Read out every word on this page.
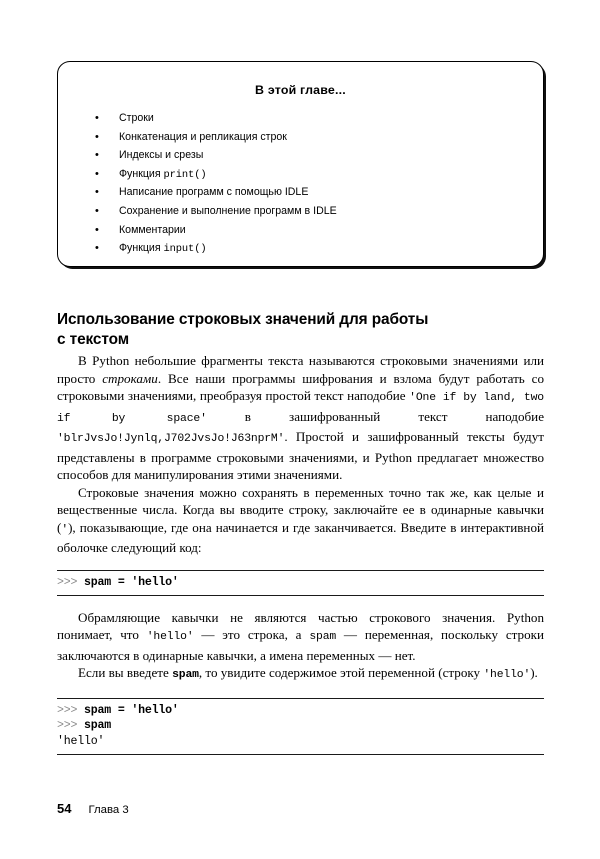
В этой главе...
• Строки
• Конкатенация и репликация строк
• Индексы и срезы
• Функция print()
• Написание программ с помощью IDLE
• Сохранение и выполнение программ в IDLE
• Комментарии
• Функция input()
Использование строковых значений для работы
с текстом

В Python небольшие фрагменты текста называются строковыми значениями или просто строками. Все наши программы шифрования и взлома будут работать со строковыми значениями, преобразуя простой текст наподобие 'One if by land, two if by space' в зашифрованный текст наподобие 'blrJvsJo!Jynlq,J702JvsJo!J63nprM'. Простой и зашифрованный тексты будут представлены в программе строковыми значениями, и Python предлагает множество способов для манипулирования этими значениями.

Строковые значения можно сохранять в переменных точно так же, как целые и вещественные числа. Когда вы вводите строку, заключайте ее в одинарные кавычки ('), показывающие, где она начинается и где заканчивается. Введите в интерактивной оболочке следующий код:

>>> spam = 'hello'

Обрамляющие кавычки не являются частью строкового значения. Python понимает, что 'hello' — это строка, а spam — переменная, поскольку строки заключаются в одинарные кавычки, а имена переменных — нет.

Если вы введете spam, то увидите содержимое этой переменной (строку 'hello').

>>> spam = 'hello'
>>> spam
'hello'
54 Глава 3
